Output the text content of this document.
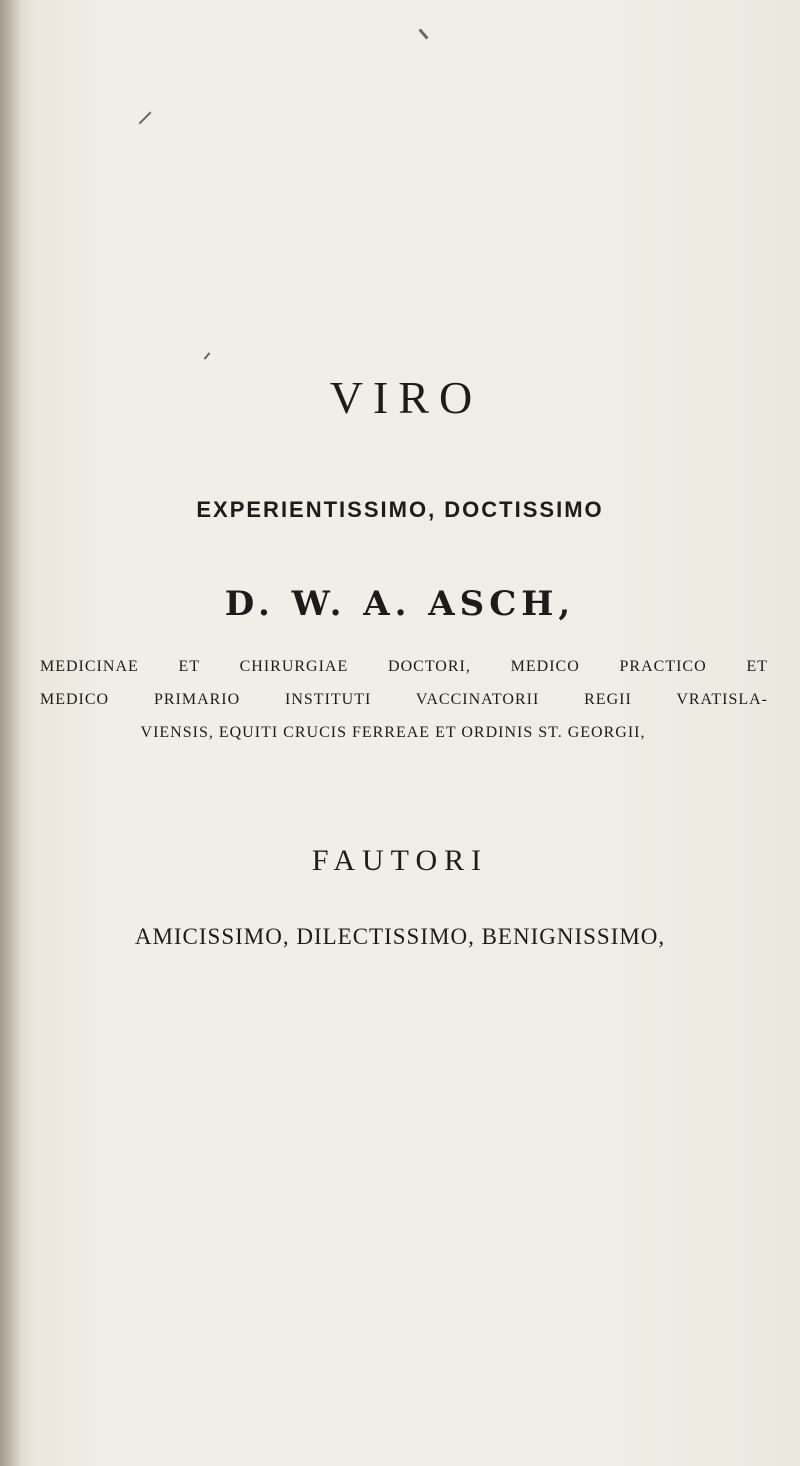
VIRO
EXPERIENTISSIMO, DOCTISSIMO
D. W. A. ASCH,
MEDICINAE ET CHIRURGIAE DOCTORI, MEDICO PRACTICO ET
MEDICO PRIMARIO INSTITUTI VACCINATORII REGII VRATISLA-
VIENSIS, EQUITI CRUCIS FERREAE ET ORDINIS ST. GEORGII,
FAUTORI
AMICISSIMO, DILECTISSIMO, BENIGNISSIMO,
